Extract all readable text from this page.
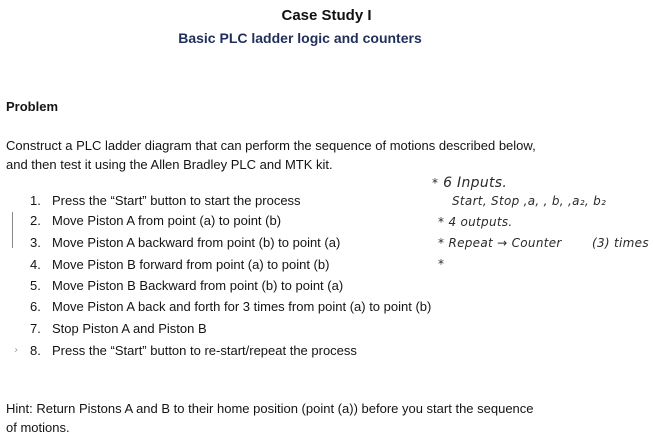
Case Study I
Basic PLC ladder logic and counters
Problem
Construct a PLC ladder diagram that can perform the sequence of motions described below,
and then test it using the Allen Bradley PLC and MTK kit.
1. Press the “Start” button to start the process
2. Move Piston A from point (a) to point (b)
3. Move Piston A backward from point (b) to point (a)
4. Move Piston B forward from point (a) to point (b)
5. Move Piston B Backward from point (b) to point (a)
6. Move Piston A back and forth for 3 times from point (a) to point (b)
7. Stop Piston A and Piston B
8. Press the “Start” button to re-start/repeat the process
›
* 6 Inputs.
Start, Stop ,a, , b, ,a₂, b₂
* 4 outputs.
* Repeat → Counter	(3) times
*
Hint: Return Pistons A and B to their home position (point (a)) before you start the sequence
of motions.
